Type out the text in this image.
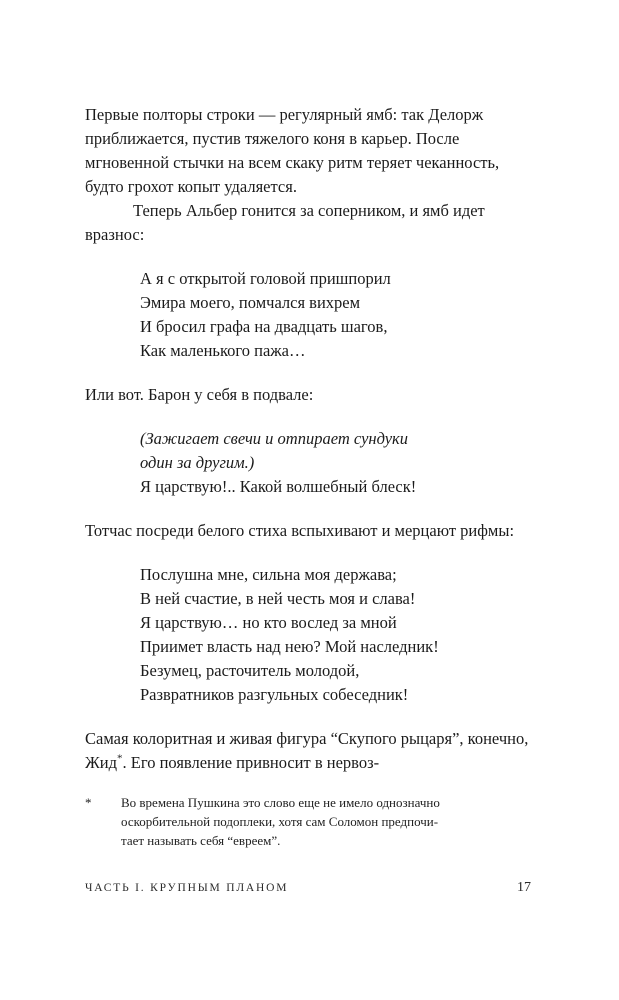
Первые полторы строки — регулярный ямб: так Делорж приближается, пустив тяжелого коня в карьер. После мгновенной стычки на всем скаку ритм теряет чеканность, будто грохот копыт удаляется.

Теперь Альбер гонится за соперником, и ямб идет вразнос:

А я с открытой головой пришпорил
Эмира моего, помчался вихрем
И бросил графа на двадцать шагов,
Как маленького пажа…

Или вот. Барон у себя в подвале:

(Зажигает свечи и отпирает сундуки
один за другим.)
Я царствую!.. Какой волшебный блеск!

Тотчас посреди белого стиха вспыхивают и мерцают рифмы:

Послушна мне, сильна моя держава;
В ней счастие, в ней честь моя и слава!
Я царствую… но кто вослед за мной
Приимет власть над нею? Мой наследник!
Безумец, расточитель молодой,
Развратников разгульных собеседник!

Самая колоритная и живая фигура “Скупого рыцаря”, конечно, Жид*. Его появление привносит в нервоз-

*	Во времена Пушкина это слово еще не имело однозначно
оскорбительной подоплеки, хотя сам Соломон предпочи-
тает называть себя “евреем”.
ЧАСТЬ I. КРУПНЫМ ПЛАНОМ	17
